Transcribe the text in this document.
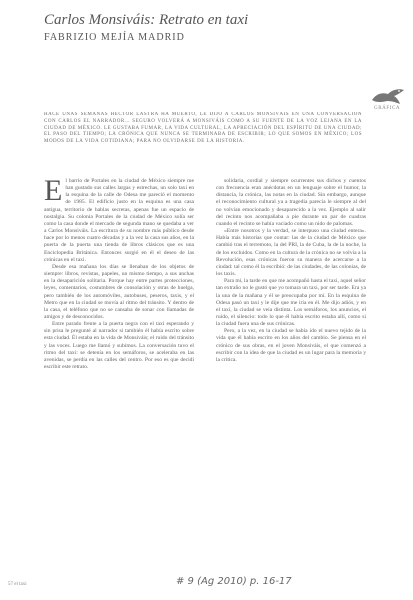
Carlos Monsiváis: Retrato en taxi
FABRIZIO MEJÍA MADRID
GRÁFICA
HACE UNAS SEMANAS HÉCTOR LASTRA HA MUERTO, LE DIJO A CARLOS MONSIVÁIS EN UNA CONVERSACIÓN CON CARLOS EL NARRADOR... SEGURO VOLVERÁ A MONSIVÁIS COMO A SU FUENTE DE LA VOZ LEJANA EN LA CIUDAD DE MÉXICO. LE GUSTABA FUMAR, LA VIDA CULTURAL, LA APRECIACIÓN DEL ESPÍRITU DE UNA CIUDAD; EL PASO DEL TIEMPO; LA CRÓNICA QUE NUNCA SE TERMINABA DE ESCRIBIR; LO QUE SOMOS EN MÉXICO; LOS MODOS DE LA VIDA COTIDIANA; PARA NO OLVIDARSE DE LA HISTORIA.

El barrio de Portales en la ciudad de México siempre me han gustado sus calles largas y estrechas, un solo taxi en la esquina de la calle de Odesa me pareció el momento de 1985. El edificio justo en la esquina es una casa antigua, territorio de hablas secretas, apenas fue un espacio de nostalgia. Su colonia Portales de la ciudad de México solía ser como la casa donde el mercado de segunda mano se quedaba a ver a Carlos Monsiváis. La escritura de su nombre más público desde hace por lo menos cuatro décadas y a la vez la casa sus años, en la puerta de la puerta una tienda de libros clásicos que es una Enciclopedia Británica. Entonces surgió en él el deseo de las crónicas en el taxi.

Desde esa mañana los días se llenaban de los objetos de siempre: libros, revistas, papeles, un mismo tiempo, a sus anchas en la desaparición solitaria. Porque hay entre partes protecciones, leyes, comentarios, costumbres de consolación y otras de huelga, pero también de los automóviles, autobuses, peseros, taxis, y el Metro que en la ciudad se movía al ritmo del tránsito. Y dentro de la casa, el teléfono que no se cansaba de sonar con llamadas de amigos y de desconocidos.

Entre parado frente a la puerta negra con el taxi esperando y sin prisa le pregunté al narrador si también él había escrito sobre esta ciudad. Él estaba en la vida de Monsiváis; el ruido del tránsito y las voces. Luego me llamó y subimos. La conversación tuvo el ritmo del taxi: se detenía en los semáforos, se aceleraba en las avenidas, se perdía en las calles del centro. Por eso es que decidí escribir este retrato.

solidaria, cordial y siempre ocurrentes sus dichos y cuentos con frecuencia eran anécdotas en un lenguaje sobre el humor, la distancia, la crónica, las notas en la ciudad. Sin embargo, aunque el reconocimiento cultural ya a tragedia parecía le siempre al del no volvían emocionado y desaparecido a la vez. Ejemplo al salir del recinto nos acompañaba a pie durante un par de cuadras cuando el recinto se había vaciado como un nido de palomas.

«Entre nosotros y la verdad, se interpuso una ciudad entera». Había más historias que contar: las de la ciudad de México que cambió tras el terremoto, la del PRI, la de Cuba, la de la noche, la de los excluidos. Como en la cultura de la crónica no se volvía a la Revolución, esas crónicas fueron su manera de acercarse a la ciudad: tal como él la escribió: de las ciudades, de las colonias, de los taxis.

Para mí, la tarde en que me acompañó hasta el taxi, aquel señor tan extraño no le gustó que yo tomara un taxi, por ser tarde. Era ya la una de la mañana y él se preocupaba por mí. En la esquina de Odesa pasó un taxi y le dije que me iría en él. Me dijo adiós, y en el taxi, la ciudad se veía distinta. Los semáforos, los anuncios, el ruido, el silencio: todo lo que él había escrito estaba allí, como si la ciudad fuera una de sus crónicas.

Pero, a la vez, en la ciudad se había ido el nuevo tejido de la vida que él había escrito en los años del cambio. Se piensa en el crónico de sus obras, en el joven Monsiváis, el que comenzó a escribir con la idea de que la ciudad es un lugar para la memoria y la crítica.

57 el taxi	# 9 (Ag 2010) p. 16-17
